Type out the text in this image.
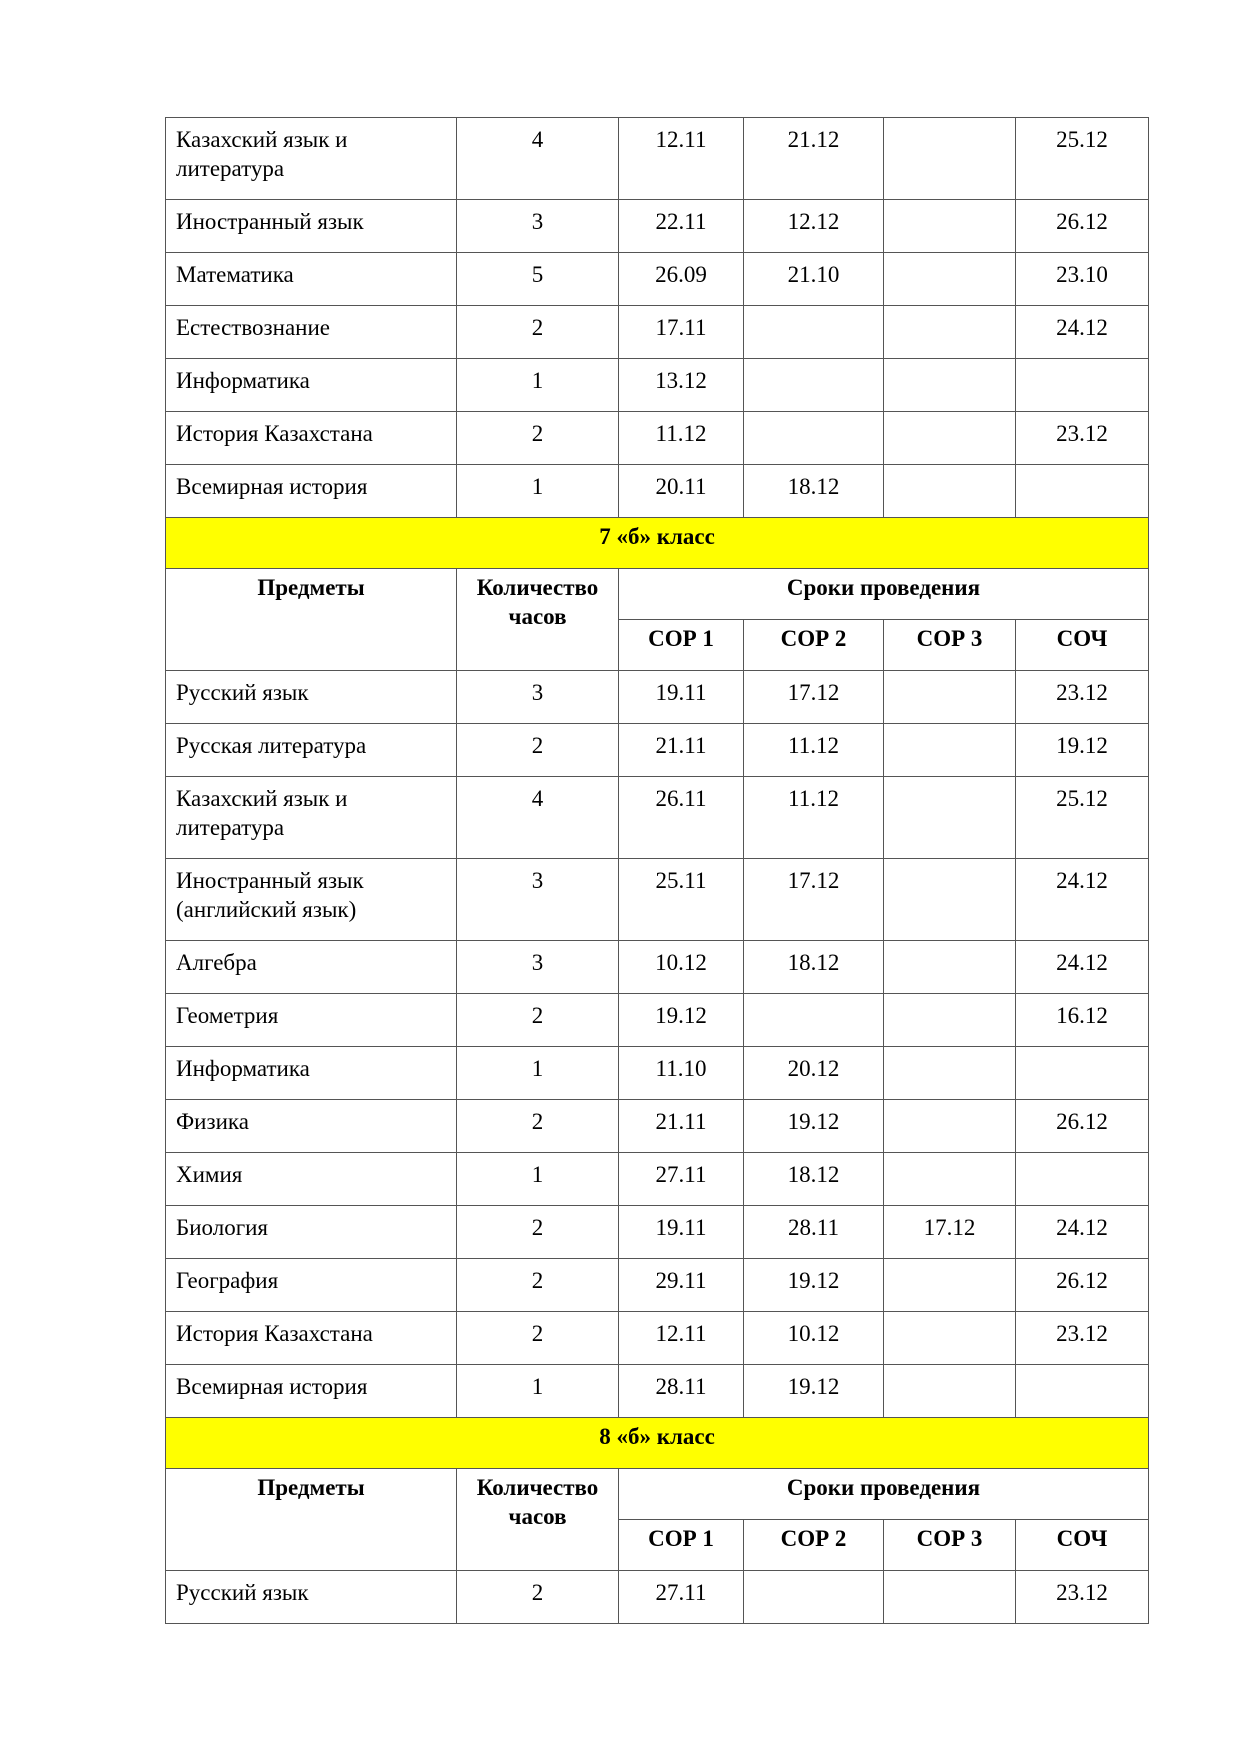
Казахский язык и литература	4	12.11	21.12		25.12
Иностранный язык	3	22.11	12.12		26.12
Математика	5	26.09	21.10		23.10
Естествознание	2	17.11			24.12
Информатика	1	13.12			
История Казахстана	2	11.12			23.12
Всемирная история	1	20.11	18.12		
7 «б» класс					
Предметы	Количество часов	Сроки проведения			
		СОР 1	СОР 2	СОР 3	СОЧ
Русский язык	3	19.11	17.12		23.12
Русская литература	2	21.11	11.12		19.12
Казахский язык и литература	4	26.11	11.12		25.12
Иностранный язык (английский язык)	3	25.11	17.12		24.12
Алгебра	3	10.12	18.12		24.12
Геометрия	2	19.12			16.12
Информатика	1	11.10	20.12		
Физика	2	21.11	19.12		26.12
Химия	1	27.11	18.12		
Биология	2	19.11	28.11	17.12	24.12
География	2	29.11	19.12		26.12
История Казахстана	2	12.11	10.12		23.12
Всемирная история	1	28.11	19.12		
8 «б» класс					
Предметы	Количество часов	Сроки проведения			
		СОР 1	СОР 2	СОР 3	СОЧ
Русский язык	2	27.11			23.12
